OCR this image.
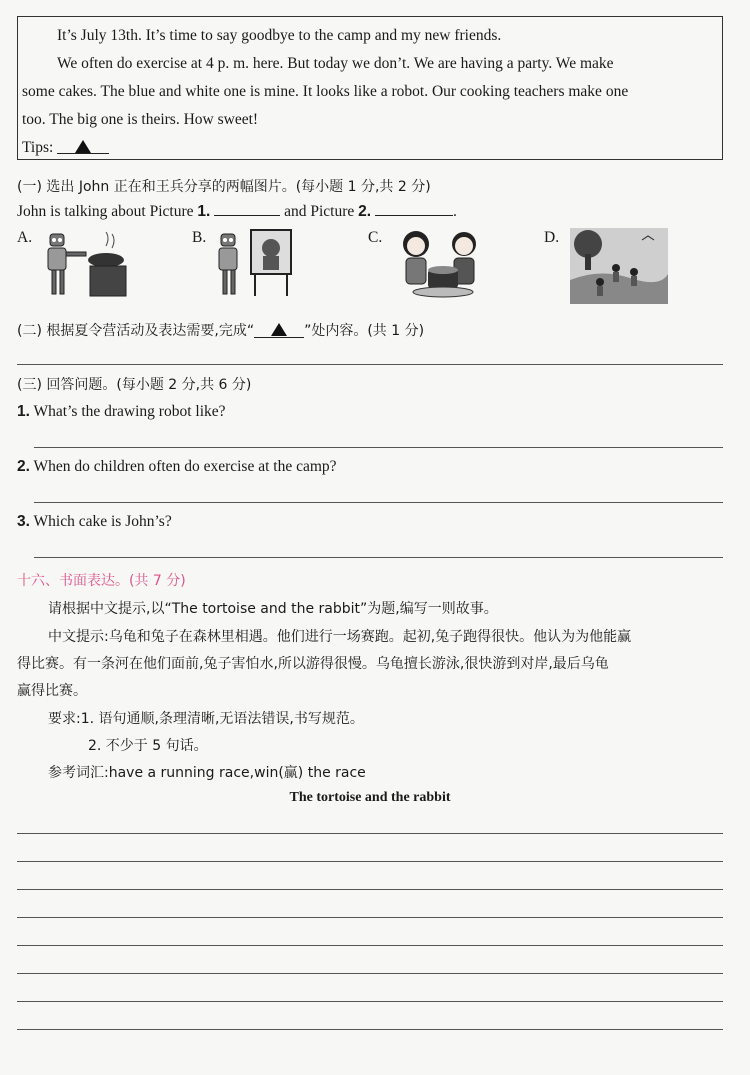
It’s July 13th. It’s time to say goodbye to the camp and my new friends.
We often do exercise at 4 p. m. here. But today we don’t. We are having a party. We make
some cakes. The blue and white one is mine. It looks like a robot. Our cooking teachers make one
too. The big one is theirs. How sweet!
Tips:
(一) 选出 John 正在和王兵分享的两幅图片。(每小题 1 分,共 2 分)
John is talking about Picture 1.	and Picture 2.	.
A.	B.	C.	D.
(二) 根据夏令营活动及表达需要,完成“	”处内容。(共 1 分)
(三) 回答问题。(每小题 2 分,共 6 分)
1. What’s the drawing robot like?
2. When do children often do exercise at the camp?
3. Which cake is John’s?
十六、书面表达。(共 7 分)
请根据中文提示,以“The tortoise and the rabbit”为题,编写一则故事。
中文提示:乌龟和兔子在森林里相遇。他们进行一场赛跑。起初,兔子跑得很快。他认为为他能赢
得比赛。有一条河在他们面前,兔子害怕水,所以游得很慢。乌龟擅长游泳,很快游到对岸,最后乌龟
赢得比赛。
要求:1. 语句通顺,条理清晰,无语法错误,书写规范。
2. 不少于 5 句话。
参考词汇:have a running race,win(赢) the race
The tortoise and the rabbit
